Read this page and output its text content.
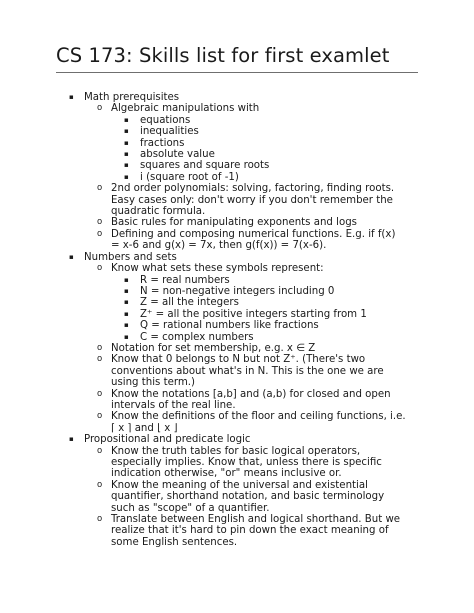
CS 173: Skills list for first examlet
▪ Math prerequisites
o Algebraic manipulations with
▪ equations
▪ inequalities
▪ fractions
▪ absolute value
▪ squares and square roots
▪ i (square root of -1)
o 2nd order polynomials: solving, factoring, finding roots. Easy cases only: don't worry if you don't remember the quadratic formula.
o Basic rules for manipulating exponents and logs
o Defining and composing numerical functions. E.g. if f(x) = x-6 and g(x) = 7x, then g(f(x)) = 7(x-6).
▪ Numbers and sets
o Know what sets these symbols represent:
▪ R = real numbers
▪ N = non-negative integers including 0
▪ Z = all the integers
▪ Z⁺ = all the positive integers starting from 1
▪ Q = rational numbers like fractions
▪ C = complex numbers
o Notation for set membership, e.g. x ∈ Z
o Know that 0 belongs to N but not Z⁺. (There's two conventions about what's in N. This is the one we are using this term.)
o Know the notations [a,b] and (a,b) for closed and open intervals of the real line.
o Know the definitions of the floor and ceiling functions, i.e. ⌈ x ⌉ and ⌊ x ⌋
▪ Propositional and predicate logic
o Know the truth tables for basic logical operators, especially implies. Know that, unless there is specific indication otherwise, "or" means inclusive or.
o Know the meaning of the universal and existential quantifier, shorthand notation, and basic terminology such as "scope" of a quantifier.
o Translate between English and logical shorthand. But we realize that it's hard to pin down the exact meaning of some English sentences.
